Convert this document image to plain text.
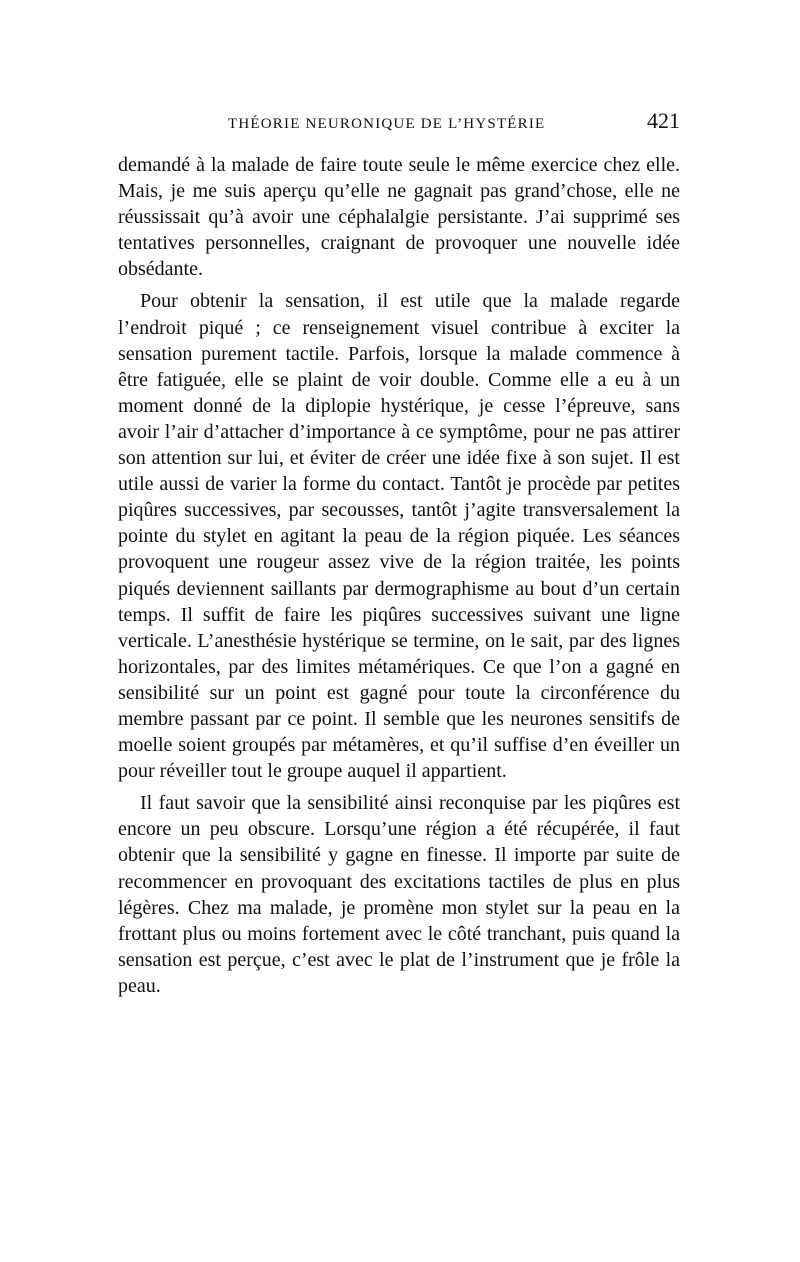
THÉORIE NEURONIQUE DE L’HYSTÉRIE	421

demandé à la malade de faire toute seule le même exercice chez elle. Mais, je me suis aperçu qu’elle ne gagnait pas grand’chose, elle ne réussissait qu’à avoir une céphalalgie persistante. J’ai supprimé ses tentatives personnelles, craignant de provoquer une nouvelle idée obsédante.

Pour obtenir la sensation, il est utile que la malade regarde l’endroit piqué ; ce renseignement visuel contribue à exciter la sensation purement tactile. Parfois, lorsque la malade commence à être fatiguée, elle se plaint de voir double. Comme elle a eu à un moment donné de la diplopie hystérique, je cesse l’épreuve, sans avoir l’air d’attacher d’importance à ce symptôme, pour ne pas attirer son attention sur lui, et éviter de créer une idée fixe à son sujet. Il est utile aussi de varier la forme du contact. Tantôt je procède par petites piqûres successives, par secousses, tantôt j’agite transversalement la pointe du stylet en agitant la peau de la région piquée. Les séances provoquent une rougeur assez vive de la région traitée, les points piqués deviennent saillants par dermographisme au bout d’un certain temps. Il suffit de faire les piqûres successives suivant une ligne verticale. L’anesthésie hystérique se termine, on le sait, par des lignes horizontales, par des limites métamériques. Ce que l’on a gagné en sensibilité sur un point est gagné pour toute la circonférence du membre passant par ce point. Il semble que les neurones sensitifs de moelle soient groupés par métamères, et qu’il suffise d’en éveiller un pour réveiller tout le groupe auquel il appartient.

Il faut savoir que la sensibilité ainsi reconquise par les piqûres est encore un peu obscure. Lorsqu’une région a été récupérée, il faut obtenir que la sensibilité y gagne en finesse. Il importe par suite de recommencer en provoquant des excitations tactiles de plus en plus légères. Chez ma malade, je promène mon stylet sur la peau en la frottant plus ou moins fortement avec le côté tranchant, puis quand la sensation est perçue, c’est avec le plat de l’instrument que je frôle la peau.
